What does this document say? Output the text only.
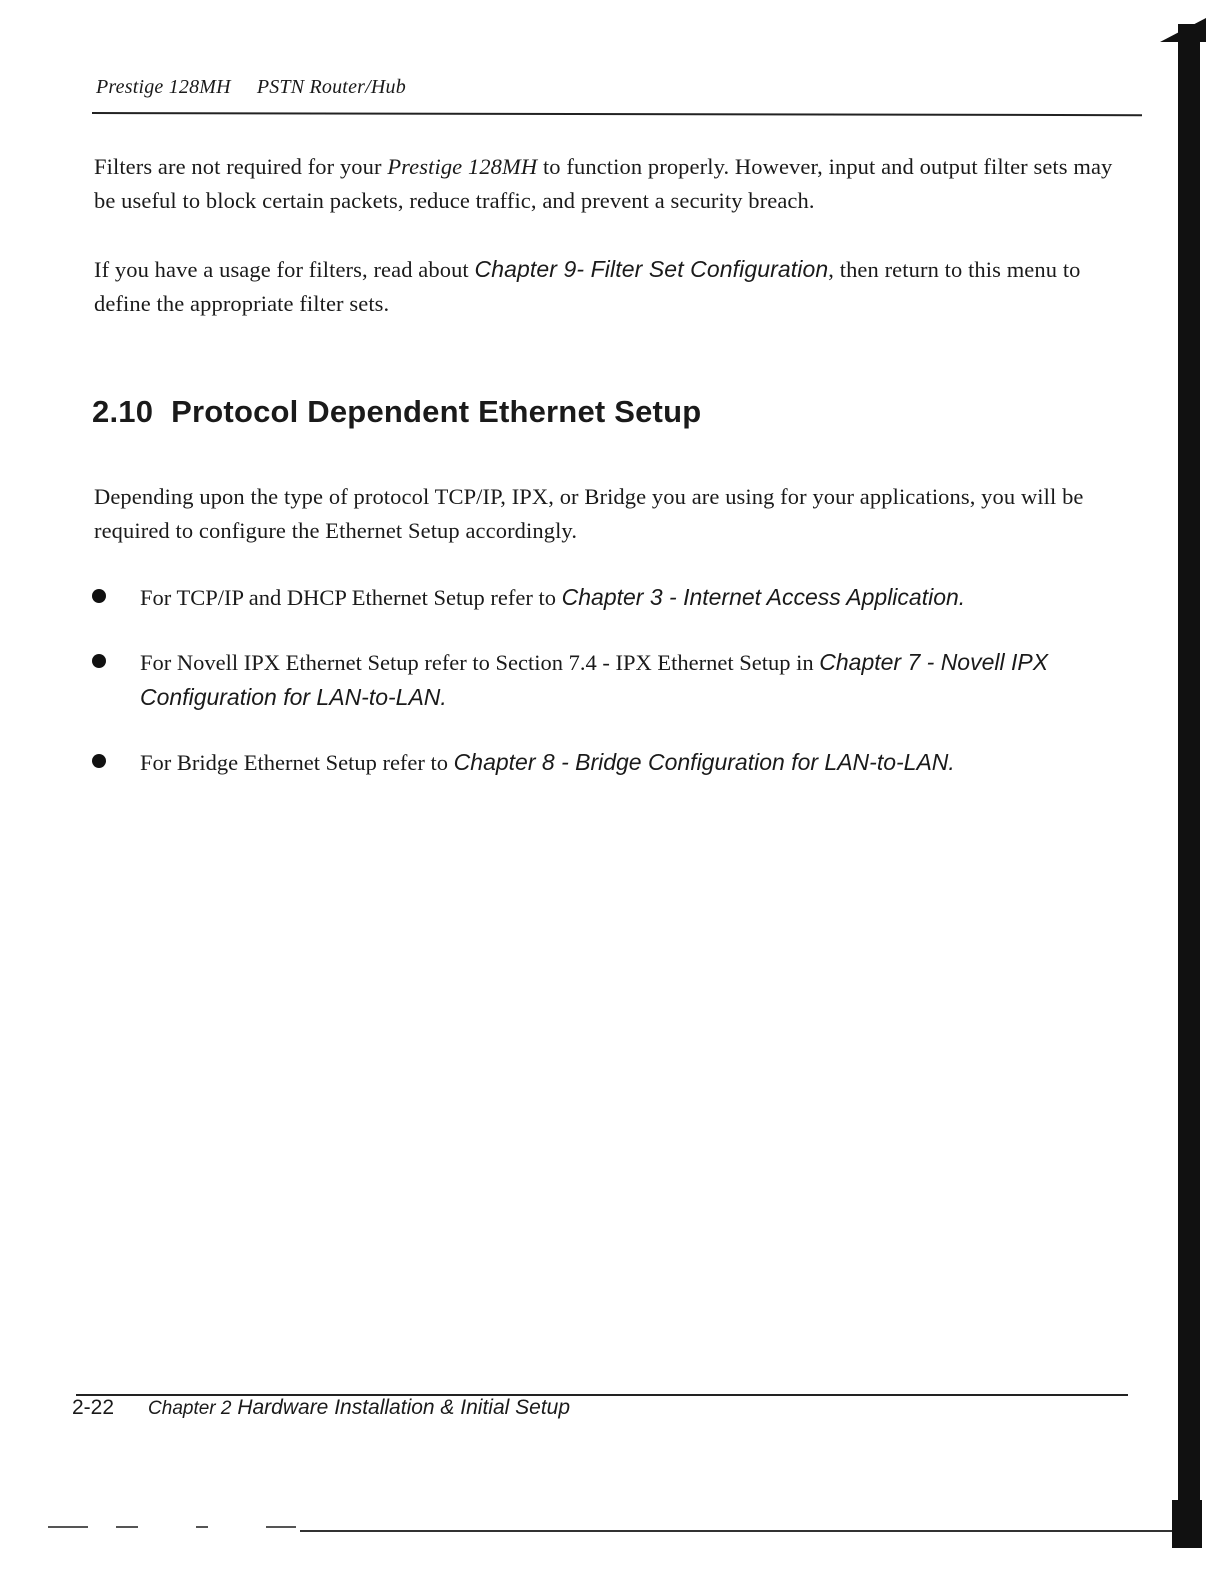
Prestige 128MH PSTN Router/Hub
Filters are not required for your Prestige 128MH to function properly. However, input and output filter sets may be useful to block certain packets, reduce traffic, and prevent a security breach.
If you have a usage for filters, read about Chapter 9- Filter Set Configuration, then return to this menu to define the appropriate filter sets.
2.10 Protocol Dependent Ethernet Setup
Depending upon the type of protocol TCP/IP, IPX, or Bridge you are using for your applications, you will be required to configure the Ethernet Setup accordingly.
For TCP/IP and DHCP Ethernet Setup refer to Chapter 3 - Internet Access Application.
For Novell IPX Ethernet Setup refer to Section 7.4 - IPX Ethernet Setup in Chapter 7 - Novell IPX Configuration for LAN-to-LAN.
For Bridge Ethernet Setup refer to Chapter 8 - Bridge Configuration for LAN-to-LAN.
2-22 Chapter 2 Hardware Installation & Initial Setup
